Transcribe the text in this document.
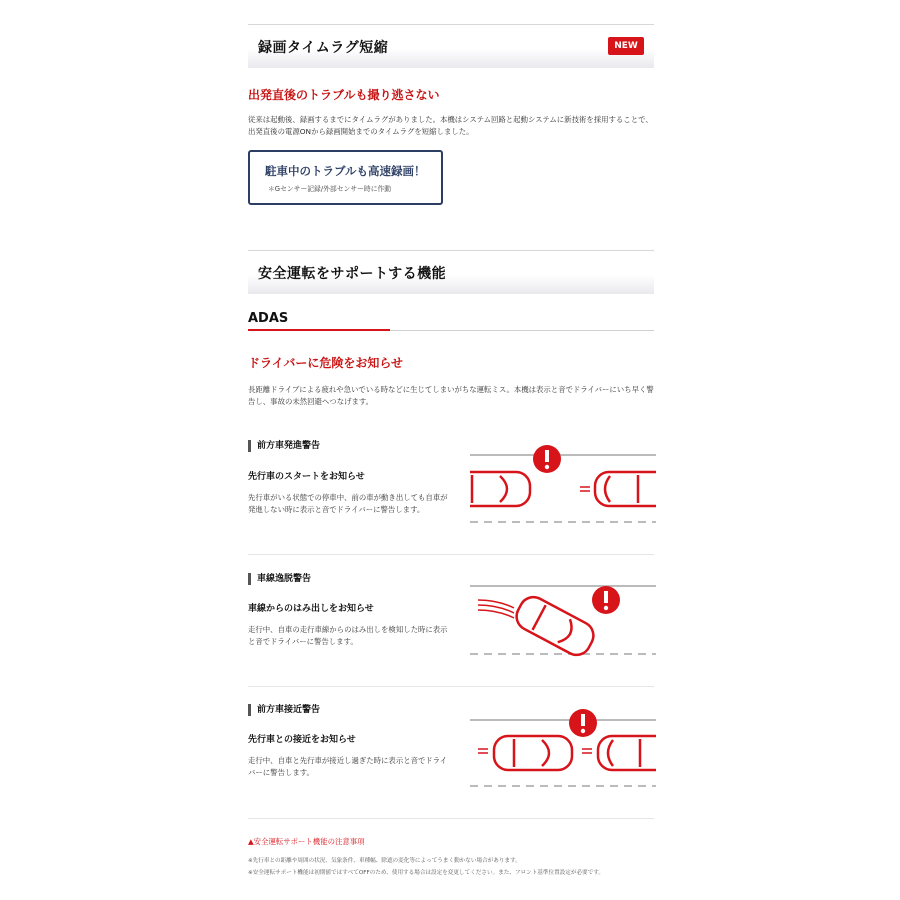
録画タイムラグ短縮	NEW
出発直後のトラブルも撮り逃さない
従来は起動後、録画するまでにタイムラグがありました。本機はシステム回路と起動システムに新技術を採用することで、出発直後の電源ONから録画開始までのタイムラグを短縮しました。
駐車中のトラブルも高速録画！
＊Gセンサー記録/外部センサー時に作動
安全運転をサポートする機能
ADAS
ドライバーに危険をお知らせ
長距離ドライブによる疲れや急いでいる時などに生じてしまいがちな運転ミス。本機は表示と音でドライバーにいち早く警告し、事故の未然回避へつなげます。
前方車発進警告
先行車のスタートをお知らせ
先行車がいる状態での停車中、前の車が動き出しても自車が発進しない時に表示と音でドライバーに警告します。
車線逸脱警告
車線からのはみ出しをお知らせ
走行中、自車の走行車線からのはみ出しを検知した時に表示と音でドライバーに警告します。
前方車接近警告
先行車との接近をお知らせ
走行中、自車と先行車が接近し過ぎた時に表示と音でドライバーに警告します。
▲安全運転サポート機能の注意事項
※先行車との距離や周囲の状況、気象条件、車種幅、除遮の変化等によってうまく動かない場合があります。
※安全運転サポート機能は初期値ではすべてOFFのため、使用する場合は設定を変更してください。また、フロント基準位置設定が必要です。
